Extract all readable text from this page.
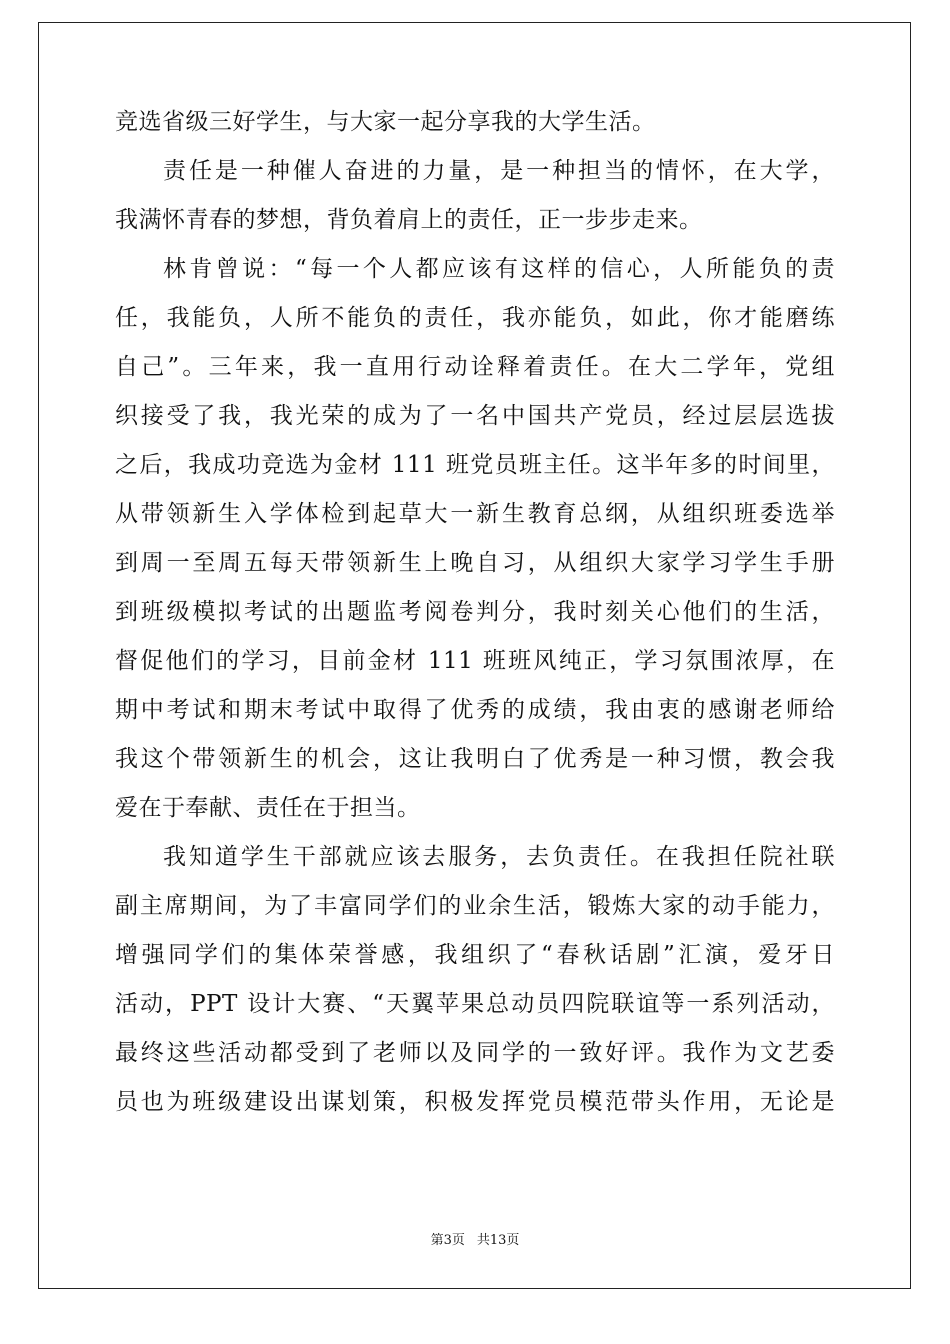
竞选省级三好学生，与大家一起分享我的大学生活。
责任是一种催人奋进的力量，是一种担当的情怀，在大学，
我满怀青春的梦想，背负着肩上的责任，正一步步走来。
林肯曾说：“每一个人都应该有这样的信心，人所能负的责
任，我能负，人所不能负的责任，我亦能负，如此，你才能磨练
自己”。三年来，我一直用行动诠释着责任。在大二学年，党组
织接受了我，我光荣的成为了一名中国共产党员，经过层层选拔
之后，我成功竞选为金材 111 班党员班主任。这半年多的时间里，
从带领新生入学体检到起草大一新生教育总纲，从组织班委选举
到周一至周五每天带领新生上晚自习，从组织大家学习学生手册
到班级模拟考试的出题监考阅卷判分，我时刻关心他们的生活，
督促他们的学习，目前金材 111 班班风纯正，学习氛围浓厚，在
期中考试和期末考试中取得了优秀的成绩，我由衷的感谢老师给
我这个带领新生的机会，这让我明白了优秀是一种习惯，教会我
爱在于奉献、责任在于担当。
我知道学生干部就应该去服务，去负责任。在我担任院社联
副主席期间，为了丰富同学们的业余生活，锻炼大家的动手能力，
增强同学们的集体荣誉感，我组织了“春秋话剧”汇演，爱牙日
活动，PPT 设计大赛、“天翼苹果总动员四院联谊等一系列活动，
最终这些活动都受到了老师以及同学的一致好评。我作为文艺委
员也为班级建设出谋划策，积极发挥党员模范带头作用，无论是
第3页 共13页
